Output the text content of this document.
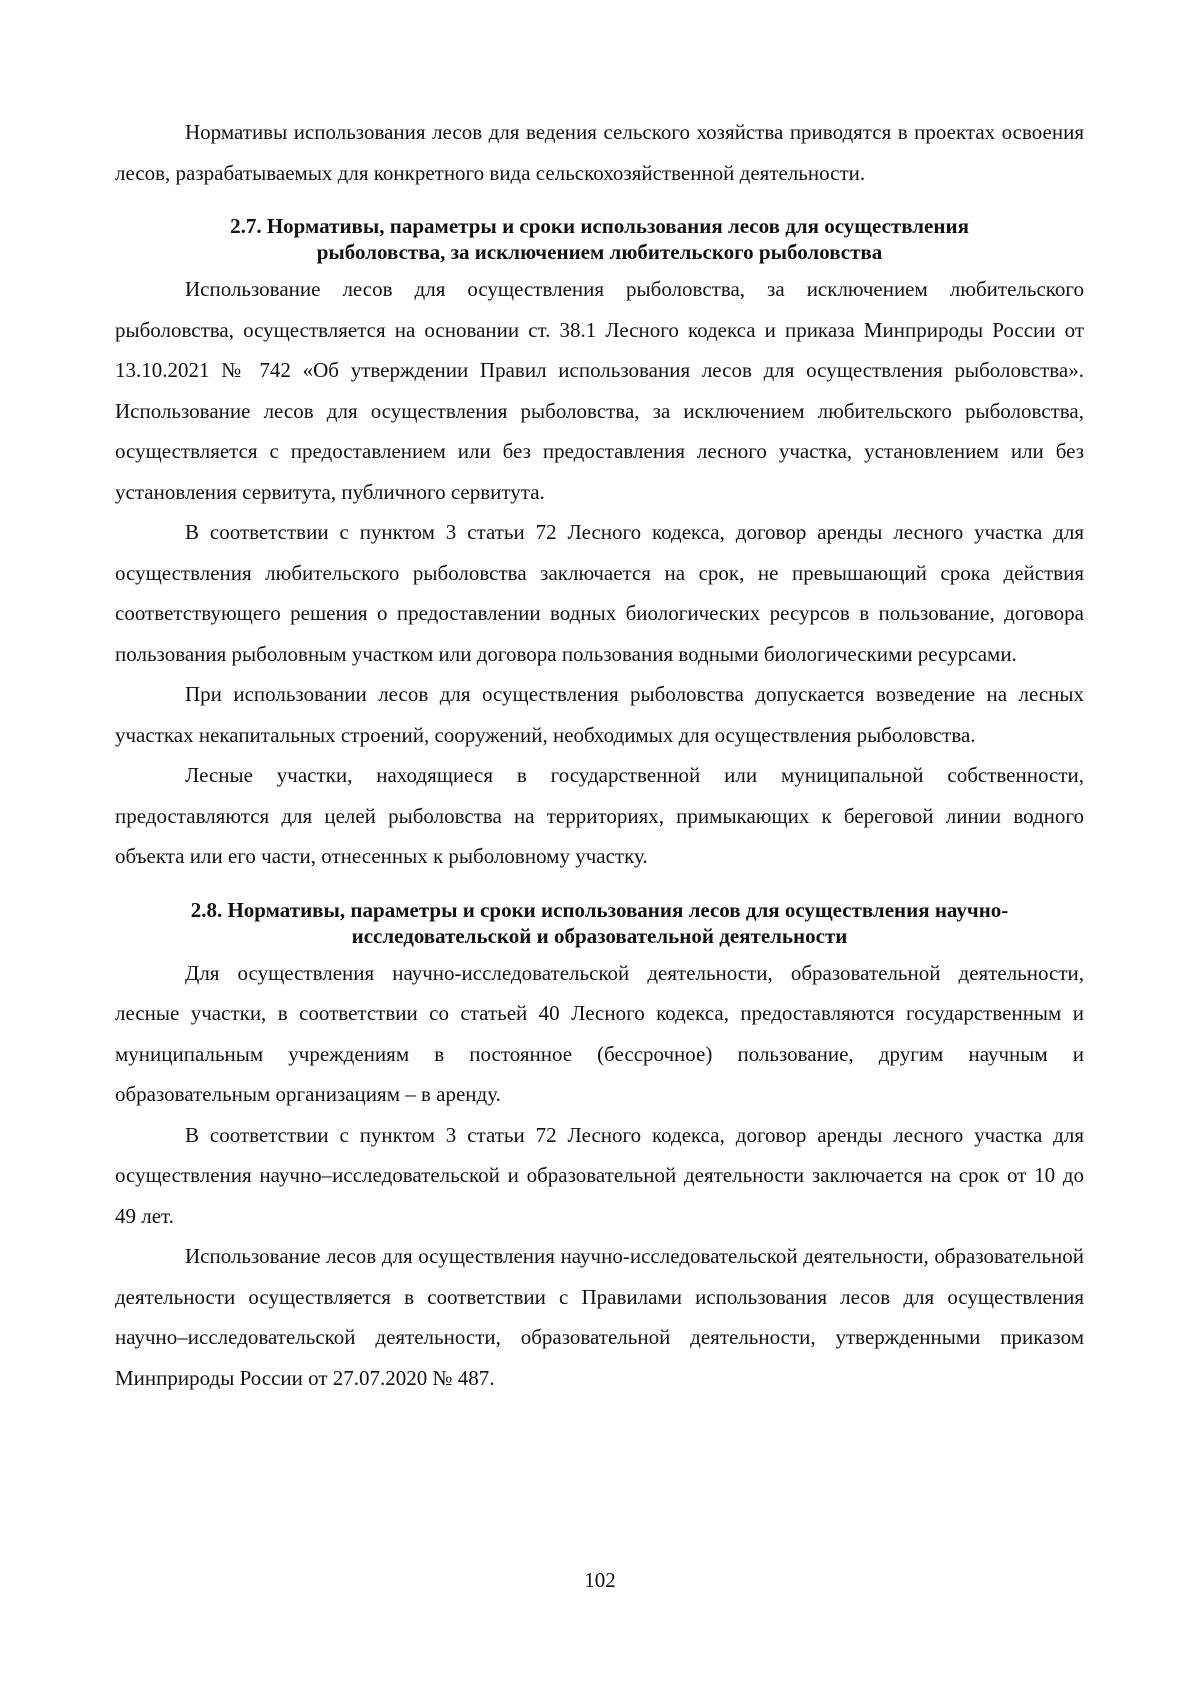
Нормативы использования лесов для ведения сельского хозяйства приводятся в проектах освоения лесов, разрабатываемых для конкретного вида сельскохозяйственной деятельности.

2.7. Нормативы, параметры и сроки использования лесов для осуществления
рыболовства, за исключением любительского рыболовства

Использование лесов для осуществления рыболовства, за исключением любительского рыболовства, осуществляется на основании ст. 38.1 Лесного кодекса и приказа Минприроды России от 13.10.2021 № 742 «Об утверждении Правил использования лесов для осуществления рыболовства». Использование лесов для осуществления рыболовства, за исключением любительского рыболовства, осуществляется с предоставлением или без предоставления лесного участка, установлением или без установления сервитута, публичного сервитута.

В соответствии с пунктом 3 статьи 72 Лесного кодекса, договор аренды лесного участка для осуществления любительского рыболовства заключается на срок, не превышающий срока действия соответствующего решения о предоставлении водных биологических ресурсов в пользование, договора пользования рыболовным участком или договора пользования водными биологическими ресурсами.

При использовании лесов для осуществления рыболовства допускается возведение на лесных участках некапитальных строений, сооружений, необходимых для осуществления рыболовства.

Лесные участки, находящиеся в государственной или муниципальной собственности, предоставляются для целей рыболовства на территориях, примыкающих к береговой линии водного объекта или его части, отнесенных к рыболовному участку.

2.8. Нормативы, параметры и сроки использования лесов для осуществления научно-
исследовательской и образовательной деятельности

Для осуществления научно-исследовательской деятельности, образовательной деятельности, лесные участки, в соответствии со статьей 40 Лесного кодекса, предоставляются государственным и муниципальным учреждениям в постоянное (бессрочное) пользование, другим научным и образовательным организациям – в аренду.

В соответствии с пунктом 3 статьи 72 Лесного кодекса, договор аренды лесного участка для осуществления научно–исследовательской и образовательной деятельности заключается на срок от 10 до 49 лет.

Использование лесов для осуществления научно-исследовательской деятельности, образовательной деятельности осуществляется в соответствии с Правилами использования лесов для осуществления научно–исследовательской деятельности, образовательной деятельности, утвержденными приказом Минприроды России от 27.07.2020 № 487.

102
